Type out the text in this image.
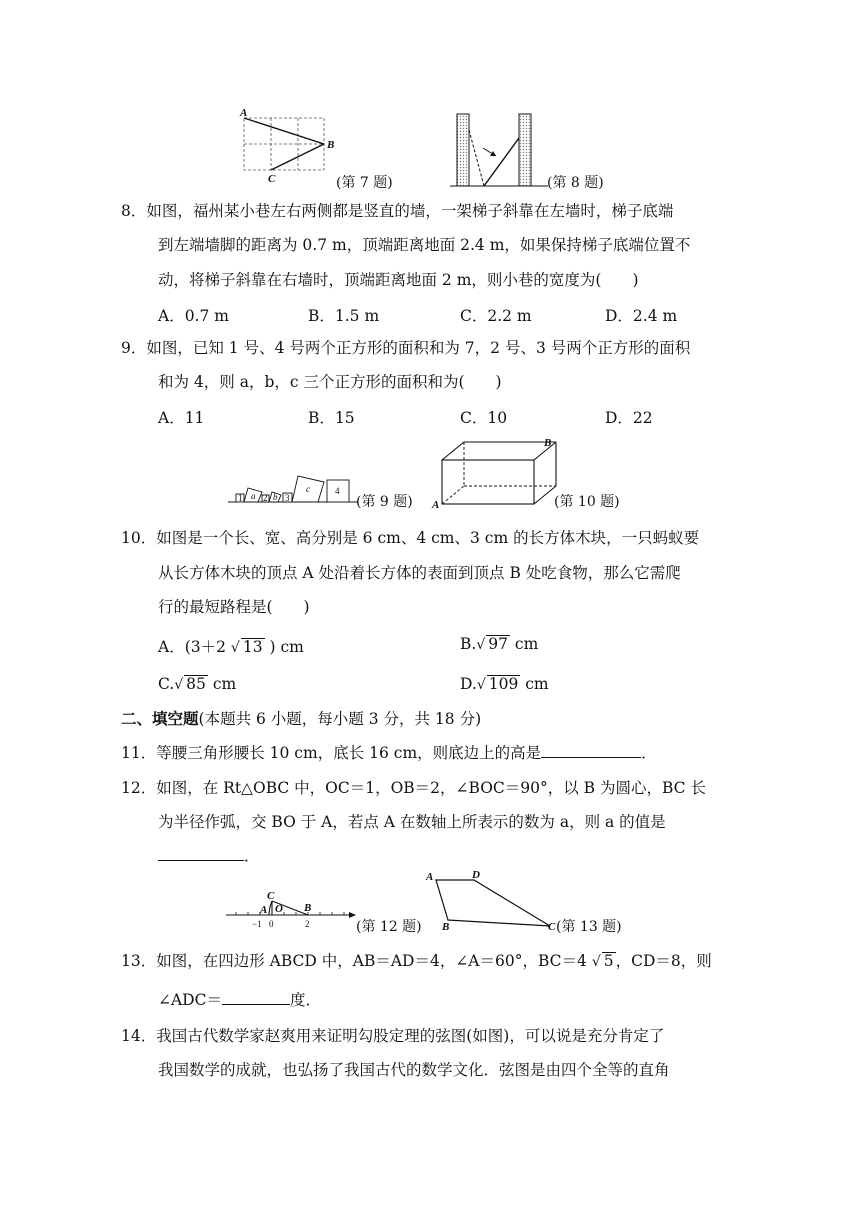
A
B
C	(第 7 题)	(第 8 题)
8．如图，福州某小巷左右两侧都是竖直的墙，一架梯子斜靠在左墙时，梯子底端
到左端墙脚的距离为 0.7 m，顶端距离地面 2.4 m，如果保持梯子底端位置不
动，将梯子斜靠在右墙时，顶端距离地面 2 m，则小巷的宽度为(　　)
A．0.7 m	B．1.5 m	C．2.2 m	D．2.4 m
9．如图，已知 1 号、4 号两个正方形的面积和为 7，2 号、3 号两个正方形的面积
和为 4，则 a，b，c 三个正方形的面积和为(　　)
A．11	B．15	C．10	D．22
1 a 2 b 3
c	4
(第 9 题) A
B
(第 10 题)
10．如图是一个长、宽、高分别是 6 cm、4 cm、3 cm 的长方体木块，一只蚂蚁要
从长方体木块的顶点 A 处沿着长方体的表面到顶点 B 处吃食物，那么它需爬
行的最短路程是(　　)
A．(3＋2 √ 13 ) cm	B.√ 97 cm
C.√ 85 cm	D.√ 109 cm
二、填空题(本题共 6 小题，每小题 3 分，共 18 分)
11．等腰三角形腰长 10 cm，底长 16 cm，则底边上的高是	．
12．如图，在 Rt△OBC 中，OC＝1，OB＝2，∠BOC＝90°，以 B 为圆心，BC 长
为半径作弧，交 BO 于 A，若点 A 在数轴上所表示的数为 a，则 a 的值是
．
C
A O B
−1 0	2	(第 12 题)
A	D
B	C (第 13 题)
13．如图，在四边形 ABCD 中，AB＝AD＝4，∠A＝60°，BC＝4 √ 5 ，CD＝8，则
∠ADC＝	度．
14．我国古代数学家赵爽用来证明勾股定理的弦图(如图)，可以说是充分肯定了
我国数学的成就，也弘扬了我国古代的数学文化．弦图是由四个全等的直角
